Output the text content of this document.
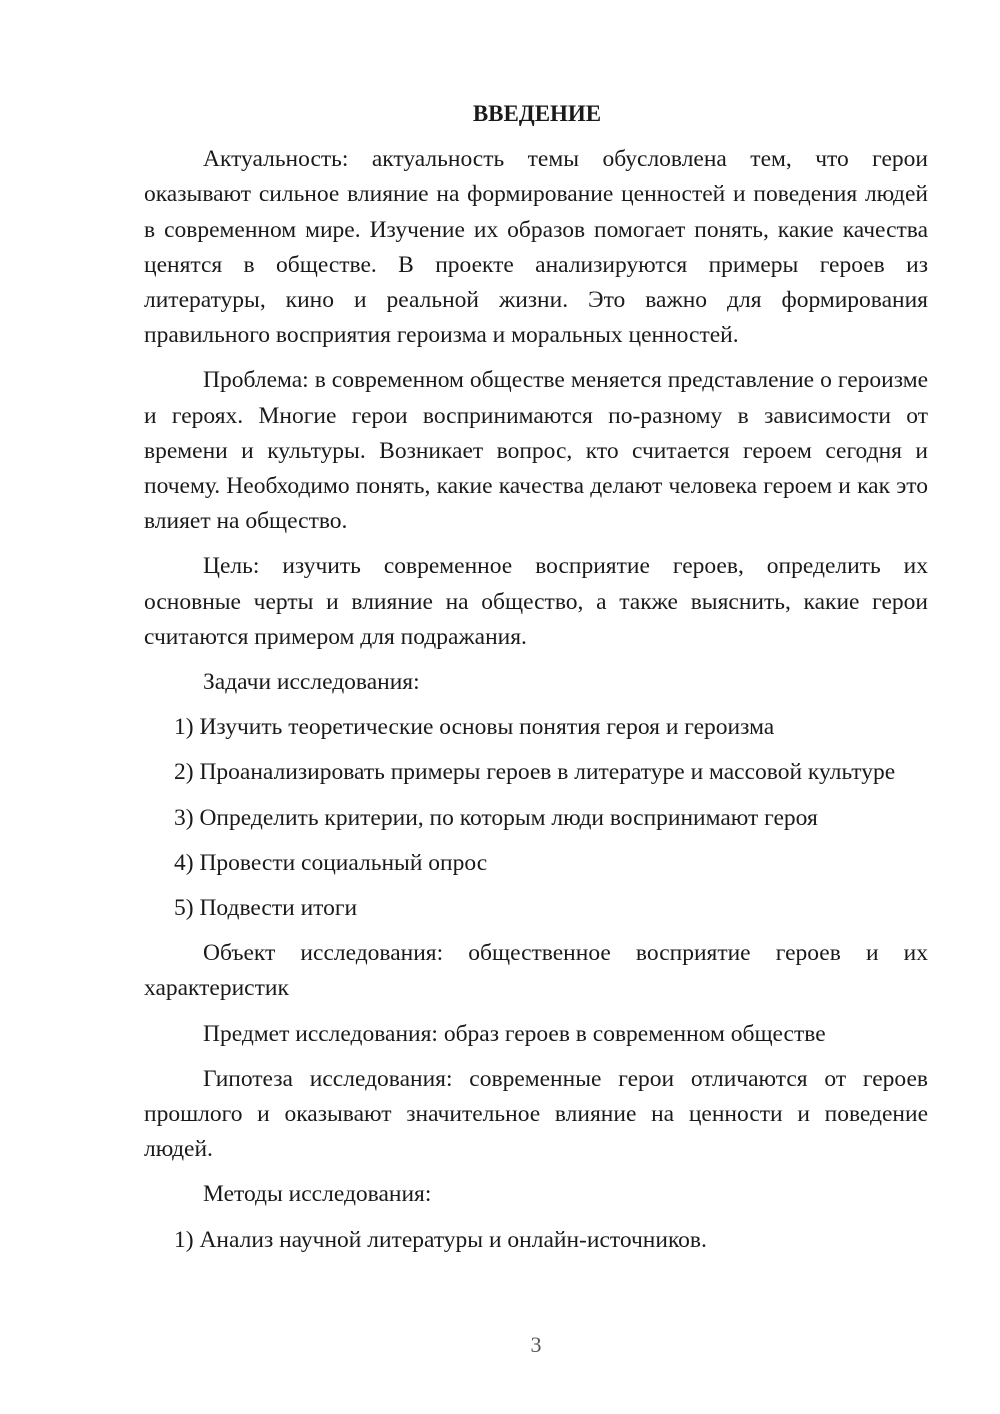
ВВЕДЕНИЕ
Актуальность: актуальность темы обусловлена тем, что герои оказывают сильное влияние на формирование ценностей и поведения людей в современном мире. Изучение их образов помогает понять, какие качества ценятся в обществе. В проекте анализируются примеры героев из литературы, кино и реальной жизни. Это важно для формирования правильного восприятия героизма и моральных ценностей.
Проблема: в современном обществе меняется представление о героизме и героях. Многие герои воспринимаются по-разному в зависимости от времени и культуры. Возникает вопрос, кто считается героем сегодня и почему. Необходимо понять, какие качества делают человека героем и как это влияет на общество.
Цель: изучить современное восприятие героев, определить их основные черты и влияние на общество, а также выяснить, какие герои считаются примером для подражания.
Задачи исследования:
1) Изучить теоретические основы понятия героя и героизма
2) Проанализировать примеры героев в литературе и массовой культуре
3) Определить критерии, по которым люди воспринимают героя
4) Провести социальный опрос
5) Подвести итоги
Объект исследования: общественное восприятие героев и их характеристик
Предмет исследования: образ героев в современном обществе
Гипотеза исследования: современные герои отличаются от героев прошлого и оказывают значительное влияние на ценности и поведение людей.
Методы исследования:
1) Анализ научной литературы и онлайн-источников.
3
